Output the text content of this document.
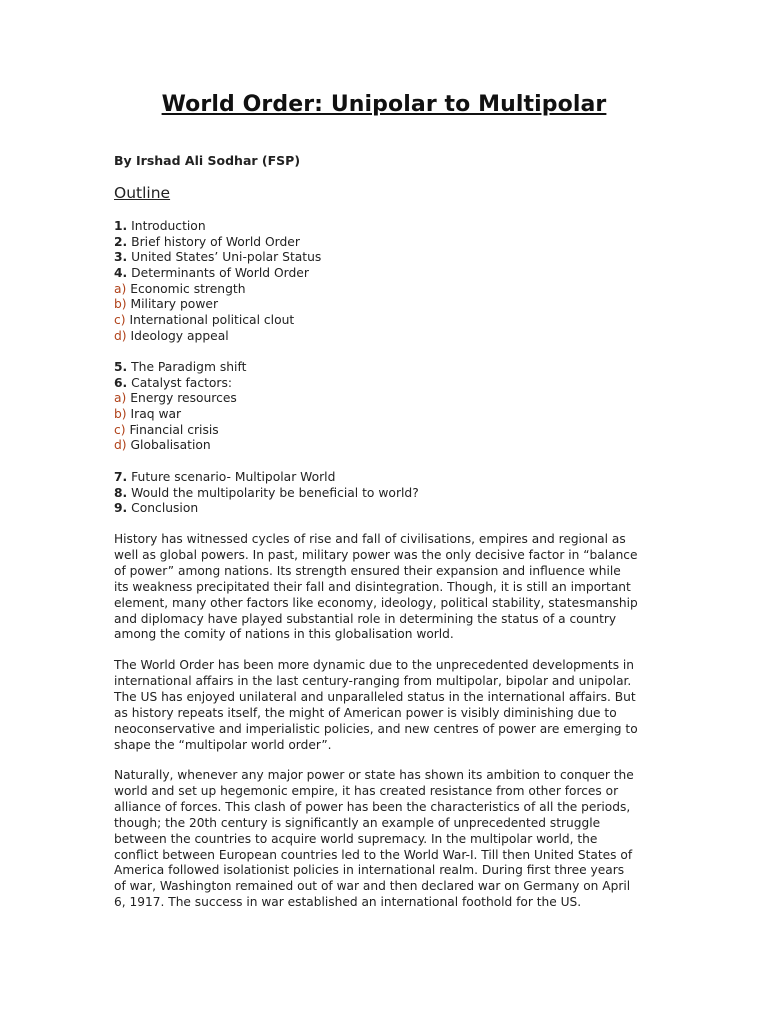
World Order: Unipolar to Multipolar
By Irshad Ali Sodhar (FSP)
Outline
1. Introduction
2. Brief history of World Order
3. United States’ Uni-polar Status
4. Determinants of World Order
a) Economic strength
b) Military power
c) International political clout
d) Ideology appeal
5. The Paradigm shift
6. Catalyst factors:
a) Energy resources
b) Iraq war
c) Financial crisis
d) Globalisation
7. Future scenario- Multipolar World
8. Would the multipolarity be beneficial to world?
9. Conclusion
History has witnessed cycles of rise and fall of civilisations, empires and regional as
well as global powers. In past, military power was the only decisive factor in “balance
of power” among nations. Its strength ensured their expansion and influence while
its weakness precipitated their fall and disintegration. Though, it is still an important
element, many other factors like economy, ideology, political stability, statesmanship
and diplomacy have played substantial role in determining the status of a country
among the comity of nations in this globalisation world.
The World Order has been more dynamic due to the unprecedented developments in
international affairs in the last century-ranging from multipolar, bipolar and unipolar.
The US has enjoyed unilateral and unparalleled status in the international affairs. But
as history repeats itself, the might of American power is visibly diminishing due to
neoconservative and imperialistic policies, and new centres of power are emerging to
shape the “multipolar world order”.
Naturally, whenever any major power or state has shown its ambition to conquer the
world and set up hegemonic empire, it has created resistance from other forces or
alliance of forces. This clash of power has been the characteristics of all the periods,
though; the 20th century is significantly an example of unprecedented struggle
between the countries to acquire world supremacy. In the multipolar world, the
conflict between European countries led to the World War-I. Till then United States of
America followed isolationist policies in international realm. During first three years
of war, Washington remained out of war and then declared war on Germany on April
6, 1917. The success in war established an international foothold for the US.
